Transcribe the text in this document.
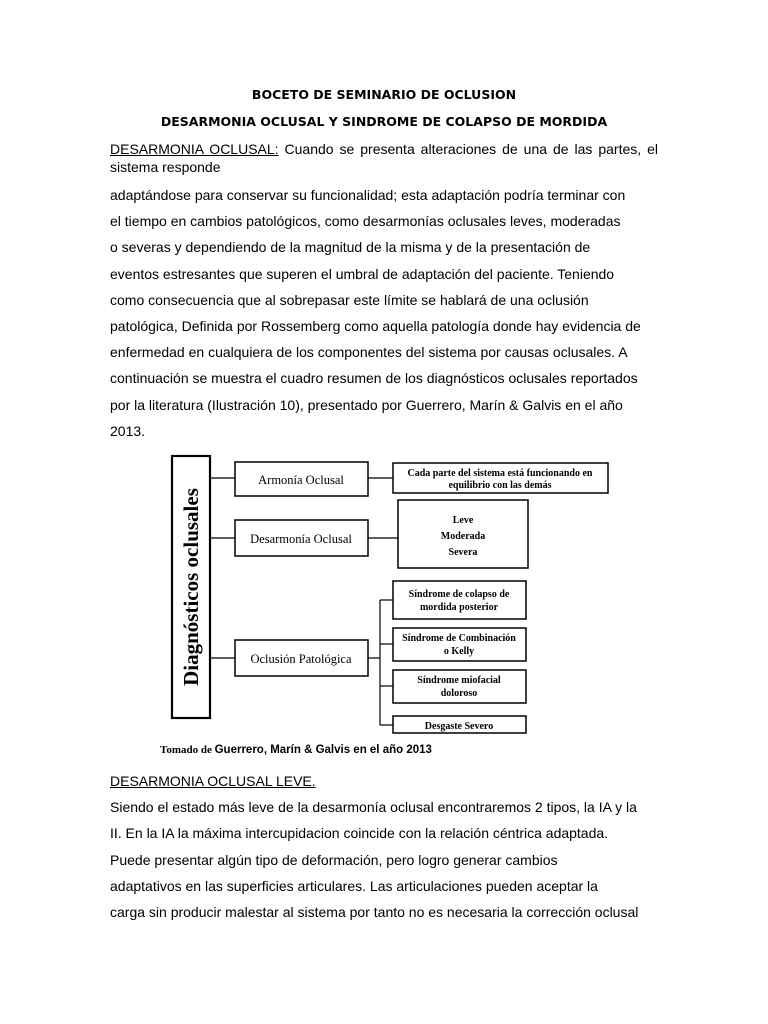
BOCETO DE SEMINARIO DE OCLUSION
DESARMONIA OCLUSAL Y SINDROME DE COLAPSO DE MORDIDA
DESARMONIA OCLUSAL: Cuando se presenta alteraciones de una de las partes, el
sistema responde
adaptándose para conservar su funcionalidad; esta adaptación podría terminar con
el tiempo en cambios patológicos, como desarmonías oclusales leves, moderadas
o severas y dependiendo de la magnitud de la misma y de la presentación de
eventos estresantes que superen el umbral de adaptación del paciente. Teniendo
como consecuencia que al sobrepasar este límite se hablará de una oclusión
patológica, Definida por Rossemberg como aquella patología donde hay evidencia de
enfermedad en cualquiera de los componentes del sistema por causas oclusales. A
continuación se muestra el cuadro resumen de los diagnósticos oclusales reportados
por la literatura (Ilustración 10), presentado por Guerrero, Marín & Galvis en el año
2013.
Diagnósticos oclusales
Armonía Oclusal
Desarmonía Oclusal
Oclusión Patológica
Cada parte del sistema está funcionando en
equilibrio con las demás
Leve
Moderada
Severa
Síndrome de colapso de
mordida posterior
Síndrome de Combinación
o Kelly
Síndrome miofacial
doloroso
Desgaste Severo
Tomado de Guerrero, Marín & Galvis en el año 2013
DESARMONIA OCLUSAL LEVE.
Siendo el estado más leve de la desarmonía oclusal encontraremos 2 tipos, la IA y la
II. En la IA la máxima intercupidacion coincide con la relación céntrica adaptada.
Puede presentar algún tipo de deformación, pero logro generar cambios
adaptativos en las superficies articulares. Las articulaciones pueden aceptar la
carga sin producir malestar al sistema por tanto no es necesaria la corrección oclusal
